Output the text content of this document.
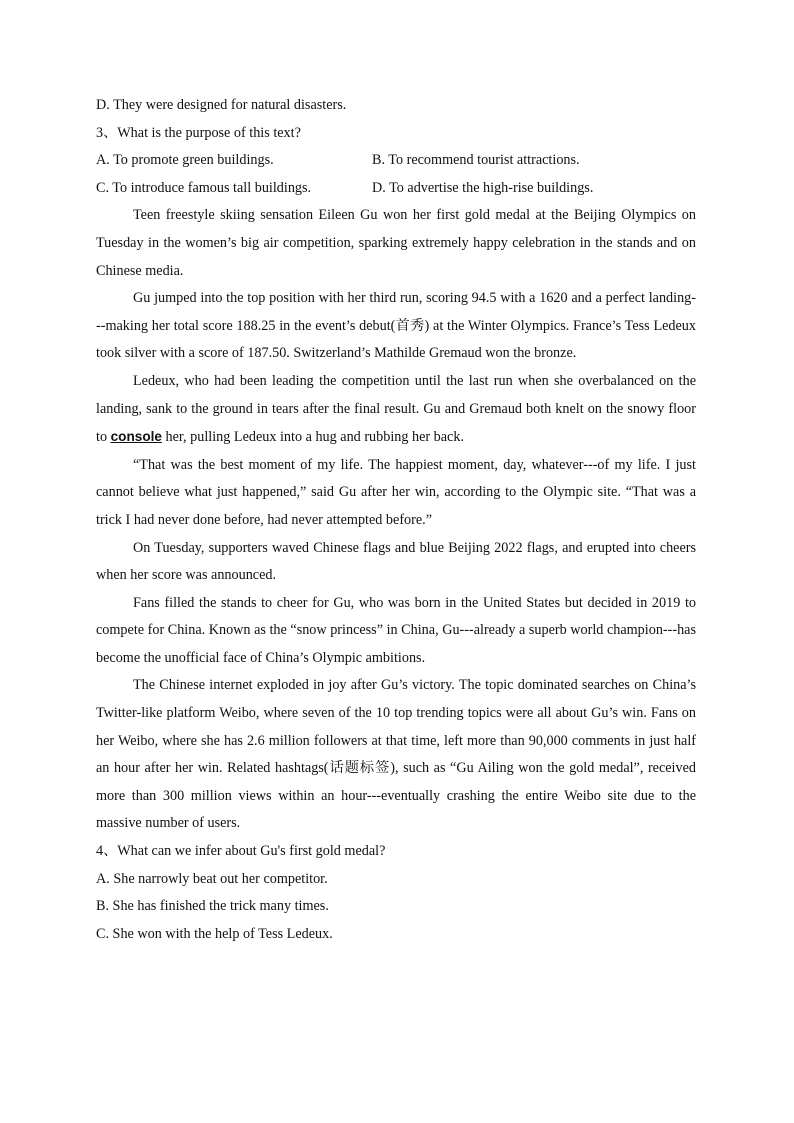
D. They were designed for natural disasters.
3、What is the purpose of this text?
A. To promote green buildings.	B. To recommend tourist attractions.
C. To introduce famous tall buildings.	D. To advertise the high-rise buildings.
Teen freestyle skiing sensation Eileen Gu won her first gold medal at the Beijing Olympics on Tuesday in the women’s big air competition, sparking extremely happy celebration in the stands and on Chinese media.
Gu jumped into the top position with her third run, scoring 94.5 with a 1620 and a perfect landing---making her total score 188.25 in the event’s debut(首秀) at the Winter Olympics. France’s Tess Ledeux took silver with a score of 187.50. Switzerland’s Mathilde Gremaud won the bronze.
Ledeux, who had been leading the competition until the last run when she overbalanced on the landing, sank to the ground in tears after the final result. Gu and Gremaud both knelt on the snowy floor to console her, pulling Ledeux into a hug and rubbing her back.
“That was the best moment of my life. The happiest moment, day, whatever---of my life. I just cannot believe what just happened,” said Gu after her win, according to the Olympic site. “That was a trick I had never done before, had never attempted before.”
On Tuesday, supporters waved Chinese flags and blue Beijing 2022 flags, and erupted into cheers when her score was announced.
Fans filled the stands to cheer for Gu, who was born in the United States but decided in 2019 to compete for China. Known as the “snow princess” in China, Gu---already a superb world champion---has become the unofficial face of China’s Olympic ambitions.
The Chinese internet exploded in joy after Gu’s victory. The topic dominated searches on China’s Twitter-like platform Weibo, where seven of the 10 top trending topics were all about Gu’s win. Fans on her Weibo, where she has 2.6 million followers at that time, left more than 90,000 comments in just half an hour after her win. Related hashtags(话题标签), such as “Gu Ailing won the gold medal”, received more than 300 million views within an hour---eventually crashing the entire Weibo site due to the massive number of users.
4、What can we infer about Gu's first gold medal?
A. She narrowly beat out her competitor.
B. She has finished the trick many times.
C. She won with the help of Tess Ledeux.
